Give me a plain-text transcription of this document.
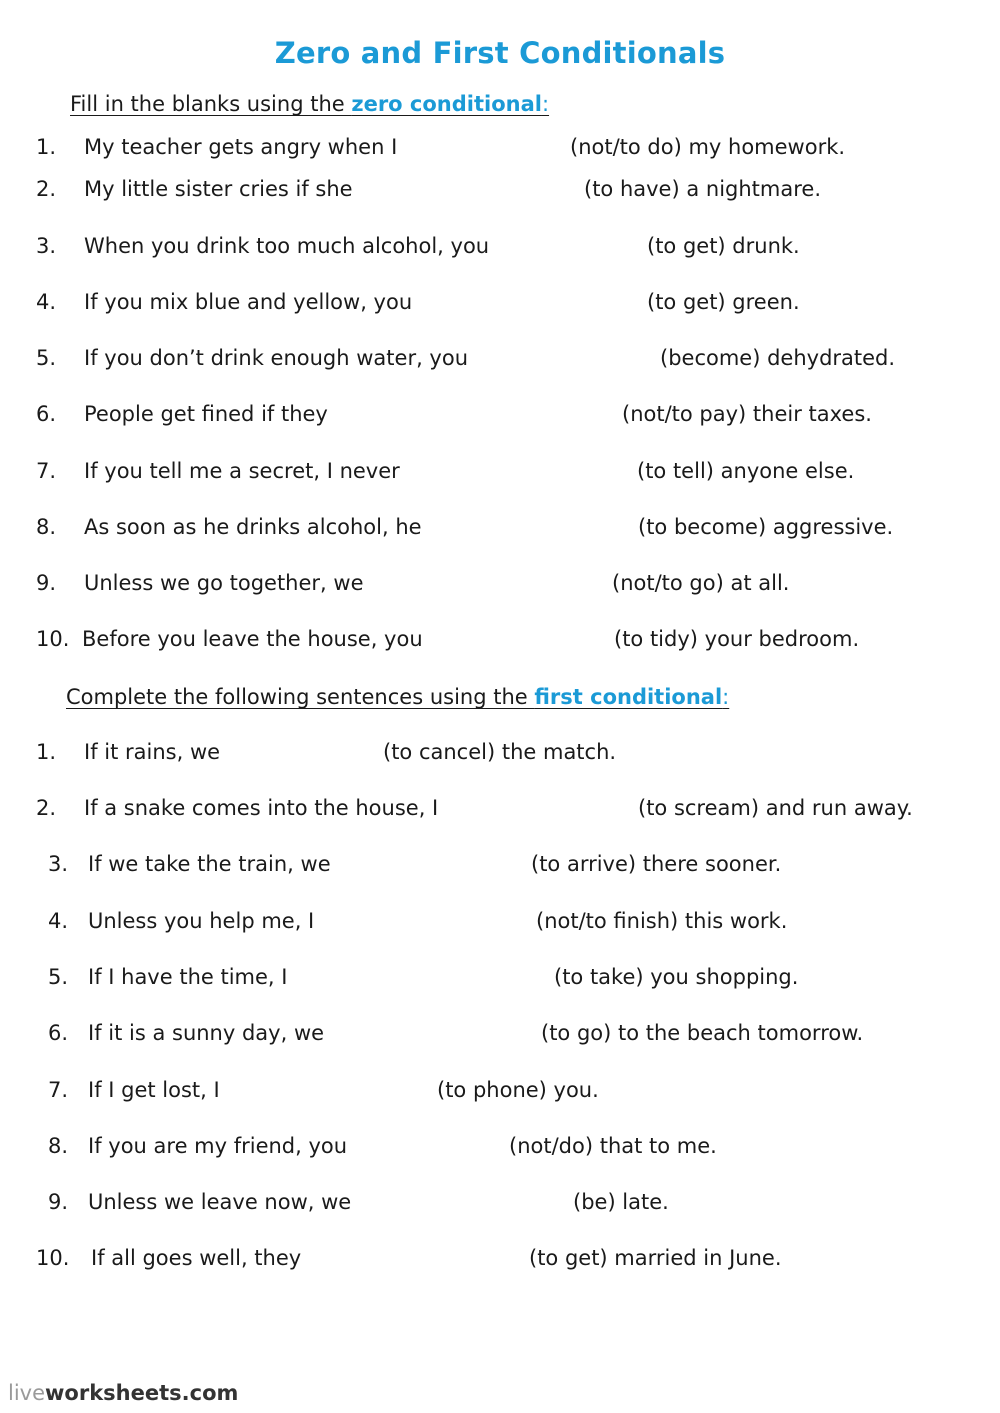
Zero and First Conditionals
Fill in the blanks using the zero conditional:
1. My teacher gets angry when I	(not/to do) my homework.
2. My little sister cries if she	(to have) a nightmare.
3. When you drink too much alcohol, you	(to get) drunk.
4. If you mix blue and yellow, you	(to get) green.
5. If you don’t drink enough water, you	(become) dehydrated.
6. People get fined if they	(not/to pay) their taxes.
7. If you tell me a secret, I never	(to tell) anyone else.
8. As soon as he drinks alcohol, he	(to become) aggressive.
9. Unless we go together, we	(not/to go) at all.
10. Before you leave the house, you	(to tidy) your bedroom.
Complete the following sentences using the first conditional:
1. If it rains, we	(to cancel) the match.
2. If a snake comes into the house, I	(to scream) and run away.
3. If we take the train, we	(to arrive) there sooner.
4. Unless you help me, I	(not/to finish) this work.
5. If I have the time, I	(to take) you shopping.
6. If it is a sunny day, we	(to go) to the beach tomorrow.
7. If I get lost, I	(to phone) you.
8. If you are my friend, you	(not/do) that to me.
9. Unless we leave now, we	(be) late.
10. If all goes well, they	(to get) married in June.
liveworksheets.com
